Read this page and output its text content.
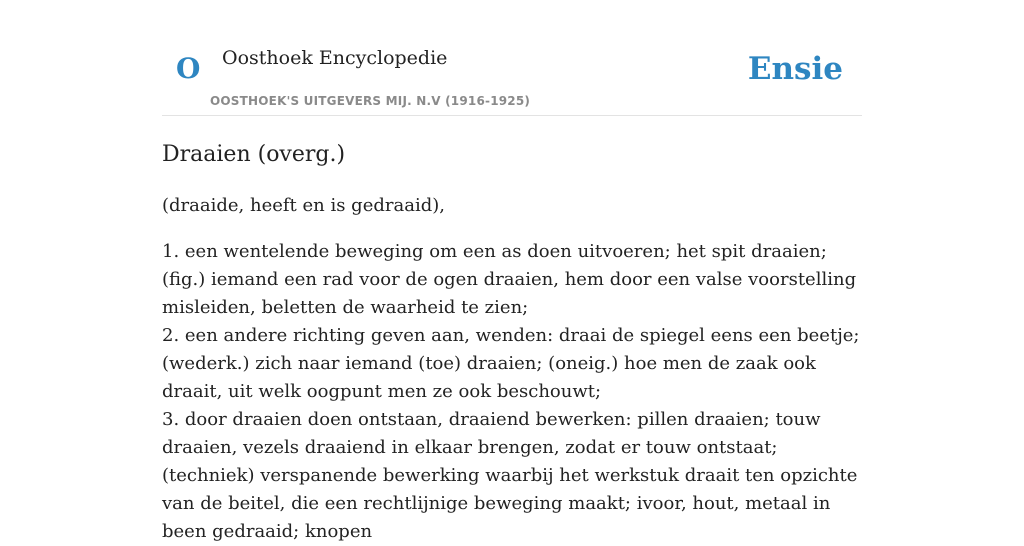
O Oosthoek Encyclopedie
OOSTHOEK'S UITGEVERS MIJ. N.V (1916-1925)
Ensie
Draaien (overg.)

(draaide, heeft en is gedraaid),

1. een wentelende beweging om een as doen uitvoeren; het spit draaien; (fig.) iemand een rad voor de ogen draaien, hem door een valse voorstelling misleiden, beletten de waarheid te zien;
2. een andere richting geven aan, wenden: draai de spiegel eens een beetje; (wederk.) zich naar iemand (toe) draaien; (oneig.) hoe men de zaak ook draait, uit welk oogpunt men ze ook beschouwt;
3. door draaien doen ontstaan, draaiend bewerken: pillen draaien; touw draaien, vezels draaiend in elkaar brengen, zodat er touw ontstaat; (techniek) verspanende bewerking waarbij het werkstuk draait ten opzichte van de beitel, die een rechtlijnige beweging maakt; ivoor, hout, metaal in been gedraaid; knopen
